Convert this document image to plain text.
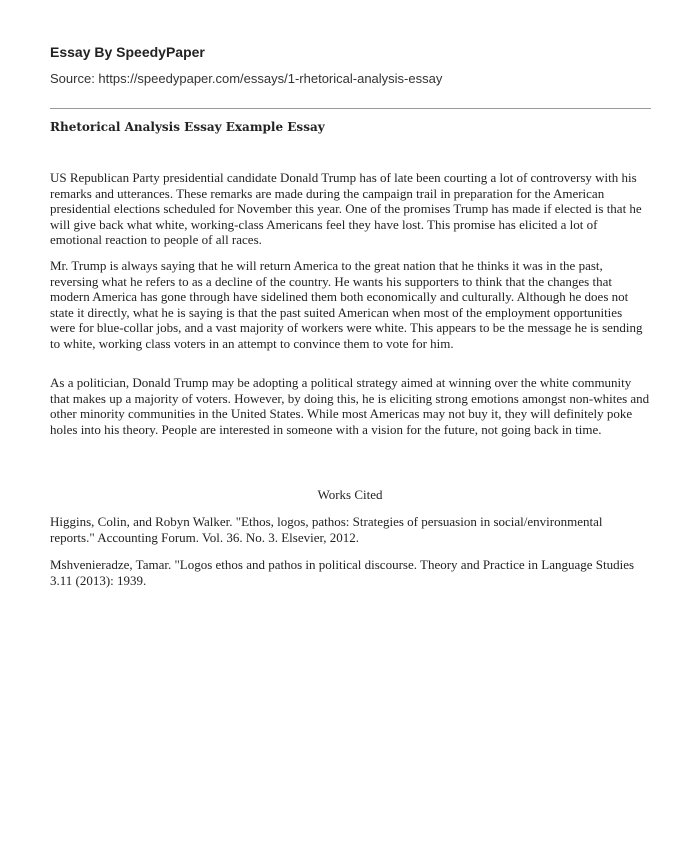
Essay By SpeedyPaper
Source: https://speedypaper.com/essays/1-rhetorical-analysis-essay
Rhetorical Analysis Essay Example Essay

US Republican Party presidential candidate Donald Trump has of late been courting a lot of controversy with his remarks and utterances. These remarks are made during the campaign trail in preparation for the American presidential elections scheduled for November this year. One of the promises Trump has made if elected is that he will give back what white, working-class Americans feel they have lost. This promise has elicited a lot of emotional reaction to people of all races.

Mr. Trump is always saying that he will return America to the great nation that he thinks it was in the past, reversing what he refers to as a decline of the country. He wants his supporters to think that the changes that modern America has gone through have sidelined them both economically and culturally. Although he does not state it directly, what he is saying is that the past suited American when most of the employment opportunities were for blue-collar jobs, and a vast majority of workers were white. This appears to be the message he is sending to white, working class voters in an attempt to convince them to vote for him.

As a politician, Donald Trump may be adopting a political strategy aimed at winning over the white community that makes up a majority of voters. However, by doing this, he is eliciting strong emotions amongst non-whites and other minority communities in the United States. While most Americas may not buy it, they will definitely poke holes into his theory. People are interested in someone with a vision for the future, not going back in time.

Works Cited

Higgins, Colin, and Robyn Walker. "Ethos, logos, pathos: Strategies of persuasion in social/environmental reports." Accounting Forum. Vol. 36. No. 3. Elsevier, 2012.

Mshvenieradze, Tamar. "Logos ethos and pathos in political discourse. Theory and Practice in Language Studies 3.11 (2013): 1939.
